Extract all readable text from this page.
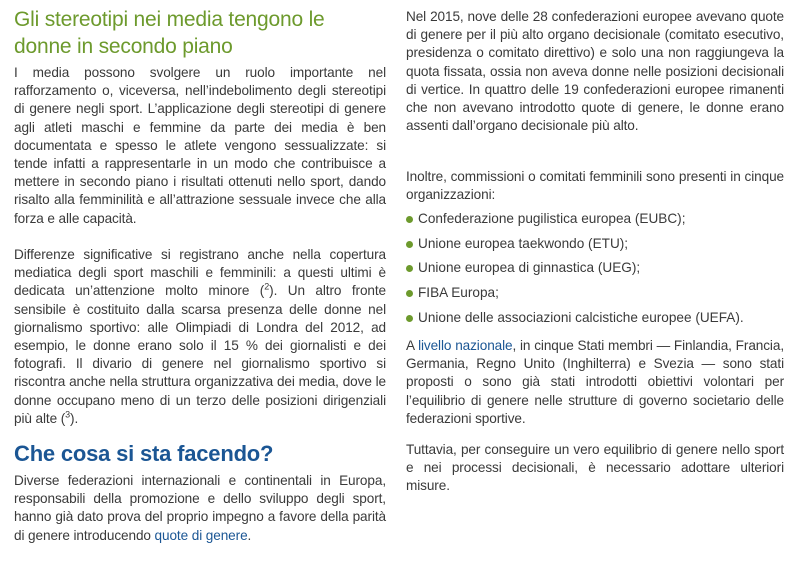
Gli stereotipi nei media tengono le donne in secondo piano

I media possono svolgere un ruolo importante nel rafforzamento o, viceversa, nell’indebolimento degli stereotipi di genere negli sport. L’applicazione degli stereotipi di genere agli atleti maschi e femmine da parte dei media è ben documentata e spesso le atlete vengono sessualizzate: si tende infatti a rappresentarle in un modo che contribuisce a mettere in secondo piano i risultati ottenuti nello sport, dando risalto alla femminilità e all’attrazione sessuale invece che alla forza e alle capacità.

Differenze significative si registrano anche nella copertura mediatica degli sport maschili e femminili: a questi ultimi è dedicata un’attenzione molto minore ($^2$). Un altro fronte sensibile è costituito dalla scarsa presenza delle donne nel giornalismo sportivo: alle Olimpiadi di Londra del 2012, ad esempio, le donne erano solo il 15 % dei giornalisti e dei fotografi. Il divario di genere nel giornalismo sportivo si riscontra anche nella struttura organizzativa dei media, dove le donne occupano meno di un terzo delle posizioni dirigenziali più alte ($^3$).

Che cosa si sta facendo?

Diverse federazioni internazionali e continentali in Europa, responsabili della promozione e dello sviluppo degli sport, hanno già dato prova del proprio impegno a favore della parità di genere introducendo quote di genere.

Nel 2015, nove delle 28 confederazioni europee avevano quote di genere per il più alto organo decisionale (comitato esecutivo, presidenza o comitato direttivo) e solo una non raggiungeva la quota fissata, ossia non aveva donne nelle posizioni decisionali di vertice. In quattro delle 19 confederazioni europee rimanenti che non avevano introdotto quote di genere, le donne erano assenti dall’organo decisionale più alto.

Inoltre, commissioni o comitati femminili sono presenti in cinque organizzazioni:

Confederazione pugilistica europea (EUBC);
Unione europea taekwondo (ETU);
Unione europea di ginnastica (UEG);
FIBA Europa;
Unione delle associazioni calcistiche europee (UEFA).

A livello nazionale, in cinque Stati membri — Finlandia, Francia, Germania, Regno Unito (Inghilterra) e Svezia — sono stati proposti o sono già stati introdotti obiettivi volontari per l’equilibrio di genere nelle strutture di governo societario delle federazioni sportive.

Tuttavia, per conseguire un vero equilibrio di genere nello sport e nei processi decisionali, è necessario adottare ulteriori misure.
